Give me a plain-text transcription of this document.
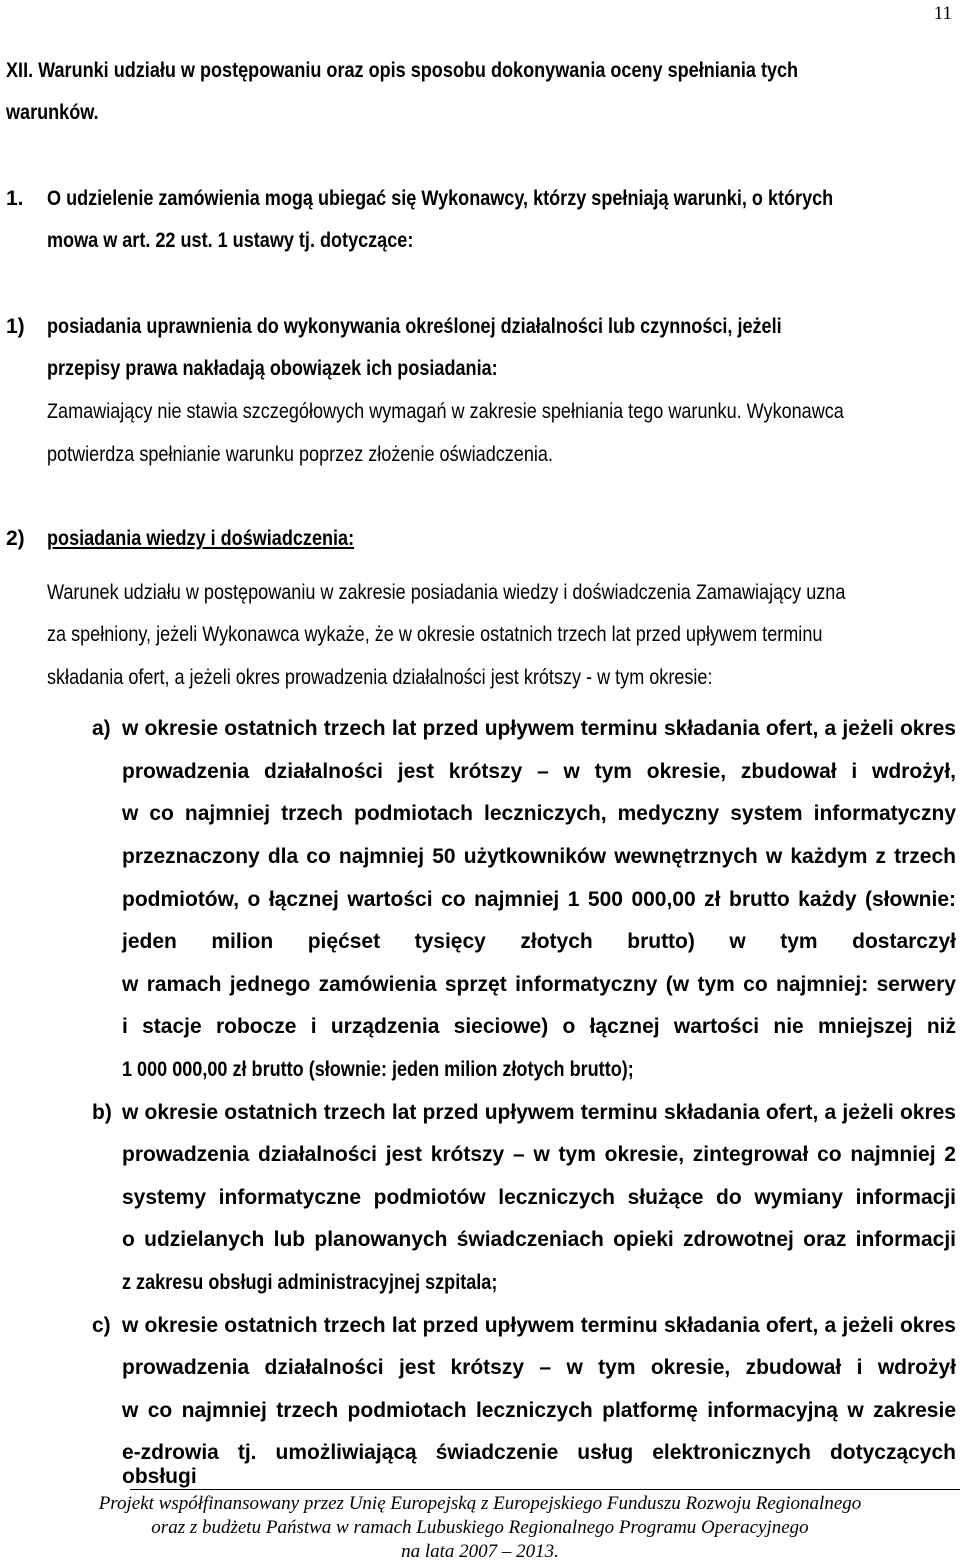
11
XII. Warunki udziału w postępowaniu oraz opis sposobu dokonywania oceny spełniania tych
warunków.
1. O udzielenie zamówienia mogą ubiegać się Wykonawcy, którzy spełniają warunki, o których
mowa w art. 22 ust. 1 ustawy tj. dotyczące:
1) posiadania uprawnienia do wykonywania określonej działalności lub czynności, jeżeli
przepisy prawa nakładają obowiązek ich posiadania:
Zamawiający nie stawia szczegółowych wymagań w zakresie spełniania tego warunku. Wykonawca
potwierdza spełnianie warunku poprzez złożenie oświadczenia.
2) posiadania wiedzy i doświadczenia:
Warunek udziału w postępowaniu w zakresie posiadania wiedzy i doświadczenia Zamawiający uzna
za spełniony, jeżeli Wykonawca wykaże, że w okresie ostatnich trzech lat przed upływem terminu
składania ofert, a jeżeli okres prowadzenia działalności jest krótszy - w tym okresie:
a) w okresie ostatnich trzech lat przed upływem terminu składania ofert, a jeżeli okres
prowadzenia działalności jest krótszy – w tym okresie, zbudował i wdrożył,
w co najmniej trzech podmiotach leczniczych, medyczny system informatyczny
przeznaczony dla co najmniej 50 użytkowników wewnętrznych w każdym z trzech
podmiotów, o łącznej wartości co najmniej 1 500 000,00 zł brutto każdy (słownie:
jeden milion pięćset tysięcy złotych brutto) w tym dostarczył
w ramach jednego zamówienia sprzęt informatyczny (w tym co najmniej: serwery
i stacje robocze i urządzenia sieciowe) o łącznej wartości nie mniejszej niż
1 000 000,00 zł brutto (słownie: jeden milion złotych brutto);
b) w okresie ostatnich trzech lat przed upływem terminu składania ofert, a jeżeli okres
prowadzenia działalności jest krótszy – w tym okresie, zintegrował co najmniej 2
systemy informatyczne podmiotów leczniczych służące do wymiany informacji
o udzielanych lub planowanych świadczeniach opieki zdrowotnej oraz informacji
z zakresu obsługi administracyjnej szpitala;
c) w okresie ostatnich trzech lat przed upływem terminu składania ofert, a jeżeli okres
prowadzenia działalności jest krótszy – w tym okresie, zbudował i wdrożył
w co najmniej trzech podmiotach leczniczych platformę informacyjną w zakresie
e-zdrowia tj. umożliwiającą świadczenie usług elektronicznych dotyczących obsługi
Projekt współfinansowany przez Unię Europejską z Europejskiego Funduszu Rozwoju Regionalnego
oraz z budżetu Państwa w ramach Lubuskiego Regionalnego Programu Operacyjnego
na lata 2007 – 2013.
